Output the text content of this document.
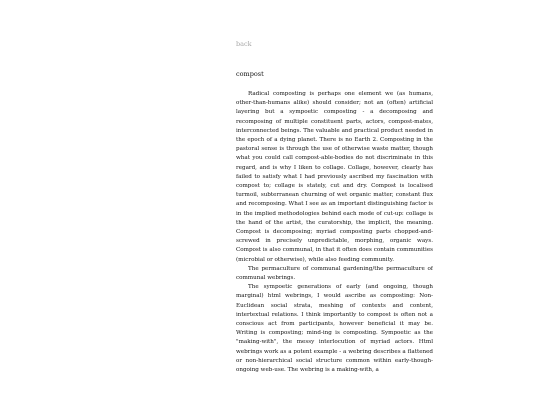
back
compost

Radical composting is perhaps one element we (as humans, other-than-humans alike) should consider; not an (often) artificial layering but a sympoetic composting - a decomposing and recomposing of multiple constituent parts, actors, compost-mates, interconnected beings. The valuable and practical product needed in the epoch of a dying planet. There is no Earth 2. Composting in the pastoral sense is through the use of otherwise waste matter, though what you could call compost-able-bodies do not discriminate in this regard, and is why I liken to collage. Collage, however, clearly has failed to satisfy what I had previously ascribed my fascination with compost to; collage is stately, cut and dry. Compost is localised turmoil, subterranean churning of wet organic matter, constant flux and recomposing. What I see as an important distinguishing factor is in the implied methodologies behind each mode of cut-up: collage is the hand of the artist, the curatorship, the implicit, the meaning. Compost is decomposing; myriad composting parts chopped-and-screwed in precisely unpredictable, morphing, organic ways. Compost is also communal, in that it often does contain communities (microbial or otherwise), while also feeding community.

The permaculture of communal gardening/the permaculture of communal webrings.

The sympoetic generations of early (and ongoing, though marginal) html webrings, I would ascribe as composting: Non-Euclidean social strata, meshing of contexts and content, intertextual relations. I think importantly to compost is often not a conscious act from participants, however beneficial it may be. Writing is composting; mind-ing is composting. Sympoetic as the "making-with", the messy interlocution of myriad actors. Html webrings work as a potent example - a webring describes a flattened or non-hierarchical social structure common within early-though-ongoing web-use. The webring is a making-with, a
